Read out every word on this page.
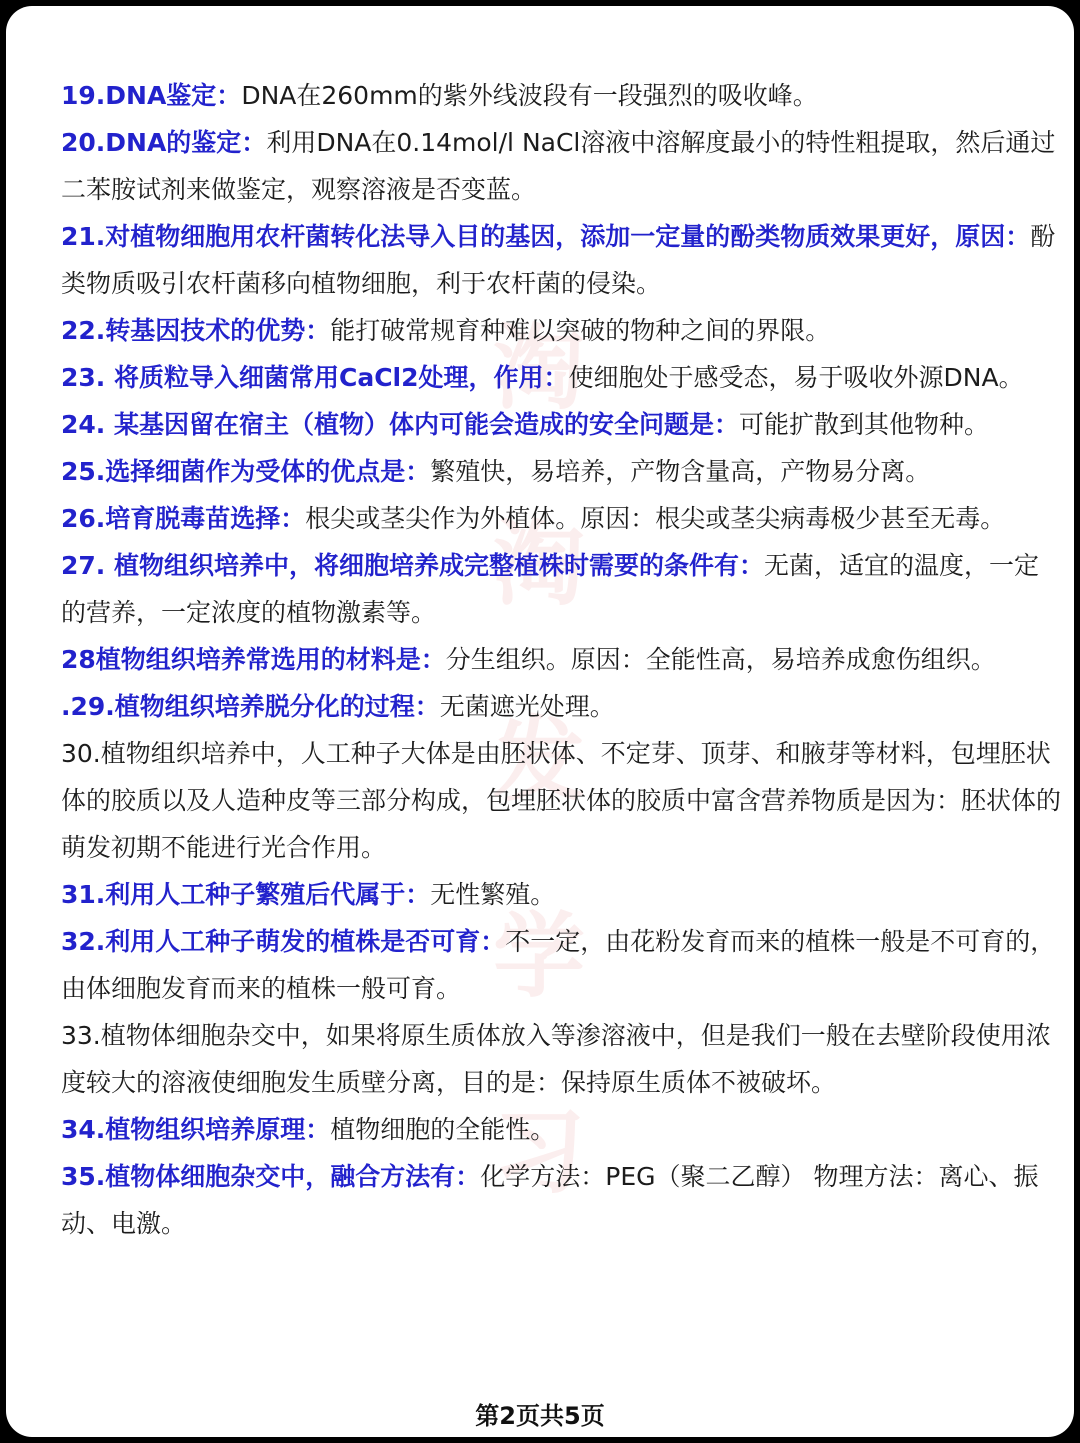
淘
淘
发
学
习

19.DNA鉴定：DNA在260mm的紫外线波段有一段强烈的吸收峰。

20.DNA的鉴定：利用DNA在0.14mol/l NaCl溶液中溶解度最小的特性粗提取，然后通过二苯胺试剂来做鉴定，观察溶液是否变蓝。

21.对植物细胞用农杆菌转化法导入目的基因，添加一定量的酚类物质效果更好，原因：酚类物质吸引农杆菌移向植物细胞，利于农杆菌的侵染。

22.转基因技术的优势：能打破常规育种难以突破的物种之间的界限。

23. 将质粒导入细菌常用CaCl2处理，作用：使细胞处于感受态，易于吸收外源DNA。

24. 某基因留在宿主（植物）体内可能会造成的安全问题是：可能扩散到其他物种。

25.选择细菌作为受体的优点是：繁殖快，易培养，产物含量高，产物易分离。

26.培育脱毒苗选择：根尖或茎尖作为外植体。原因：根尖或茎尖病毒极少甚至无毒。

27. 植物组织培养中，将细胞培养成完整植株时需要的条件有：无菌，适宜的温度，一定的营养，一定浓度的植物激素等。

28植物组织培养常选用的材料是：分生组织。原因：全能性高，易培养成愈伤组织。

.29.植物组织培养脱分化的过程：无菌遮光处理。

30.植物组织培养中，人工种子大体是由胚状体、不定芽、顶芽、和腋芽等材料，包埋胚状体的胶质以及人造种皮等三部分构成，包埋胚状体的胶质中富含营养物质是因为：胚状体的萌发初期不能进行光合作用。

31.利用人工种子繁殖后代属于：无性繁殖。

32.利用人工种子萌发的植株是否可育：不一定，由花粉发育而来的植株一般是不可育的，由体细胞发育而来的植株一般可育。

33.植物体细胞杂交中，如果将原生质体放入等渗溶液中，但是我们一般在去壁阶段使用浓度较大的溶液使细胞发生质壁分离，目的是：保持原生质体不被破坏。

34.植物组织培养原理：植物细胞的全能性。

35.植物体细胞杂交中，融合方法有：化学方法：PEG（聚二乙醇） 物理方法：离心、振动、电激。

第2页共5页
